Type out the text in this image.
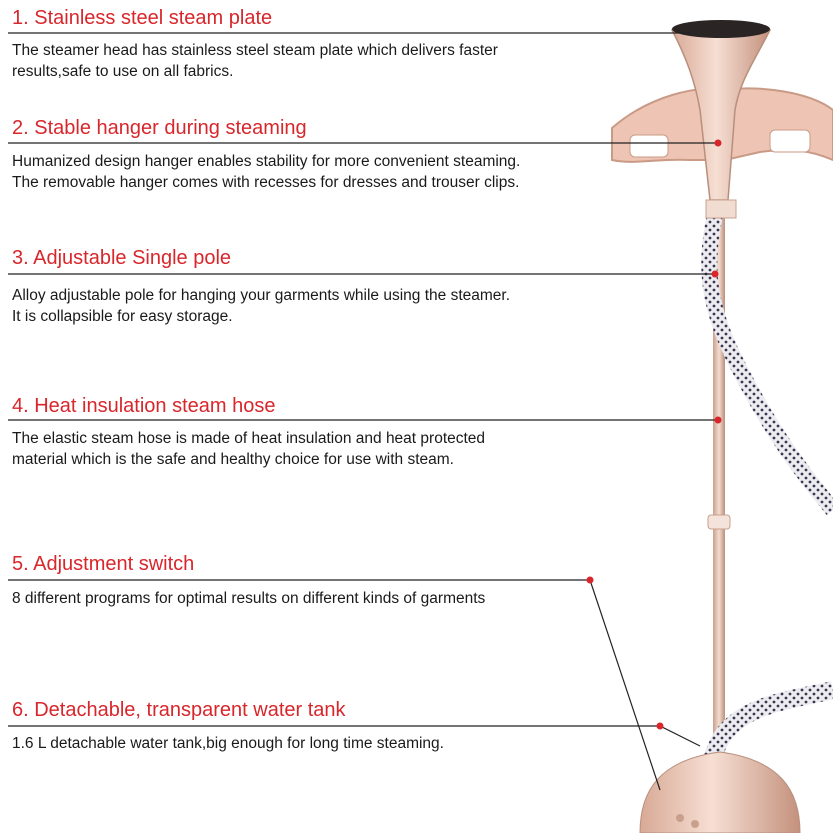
1. Stainless steel steam plate
The steamer head has stainless steel steam plate which delivers faster
results,safe to use on all fabrics.
2. Stable hanger during steaming
Humanized design hanger enables stability for more convenient steaming.
The removable hanger comes with recesses for dresses and trouser clips.
3. Adjustable Single pole
Alloy adjustable pole for hanging your garments while using the steamer.
It is collapsible for easy storage.
4. Heat insulation steam hose
The elastic steam hose is made of heat insulation and heat protected
material which is the safe and healthy choice for use with steam.
5. Adjustment switch
8 different programs for optimal results on different kinds of garments
6. Detachable, transparent water tank
1.6 L detachable water tank,big enough for long time steaming.
